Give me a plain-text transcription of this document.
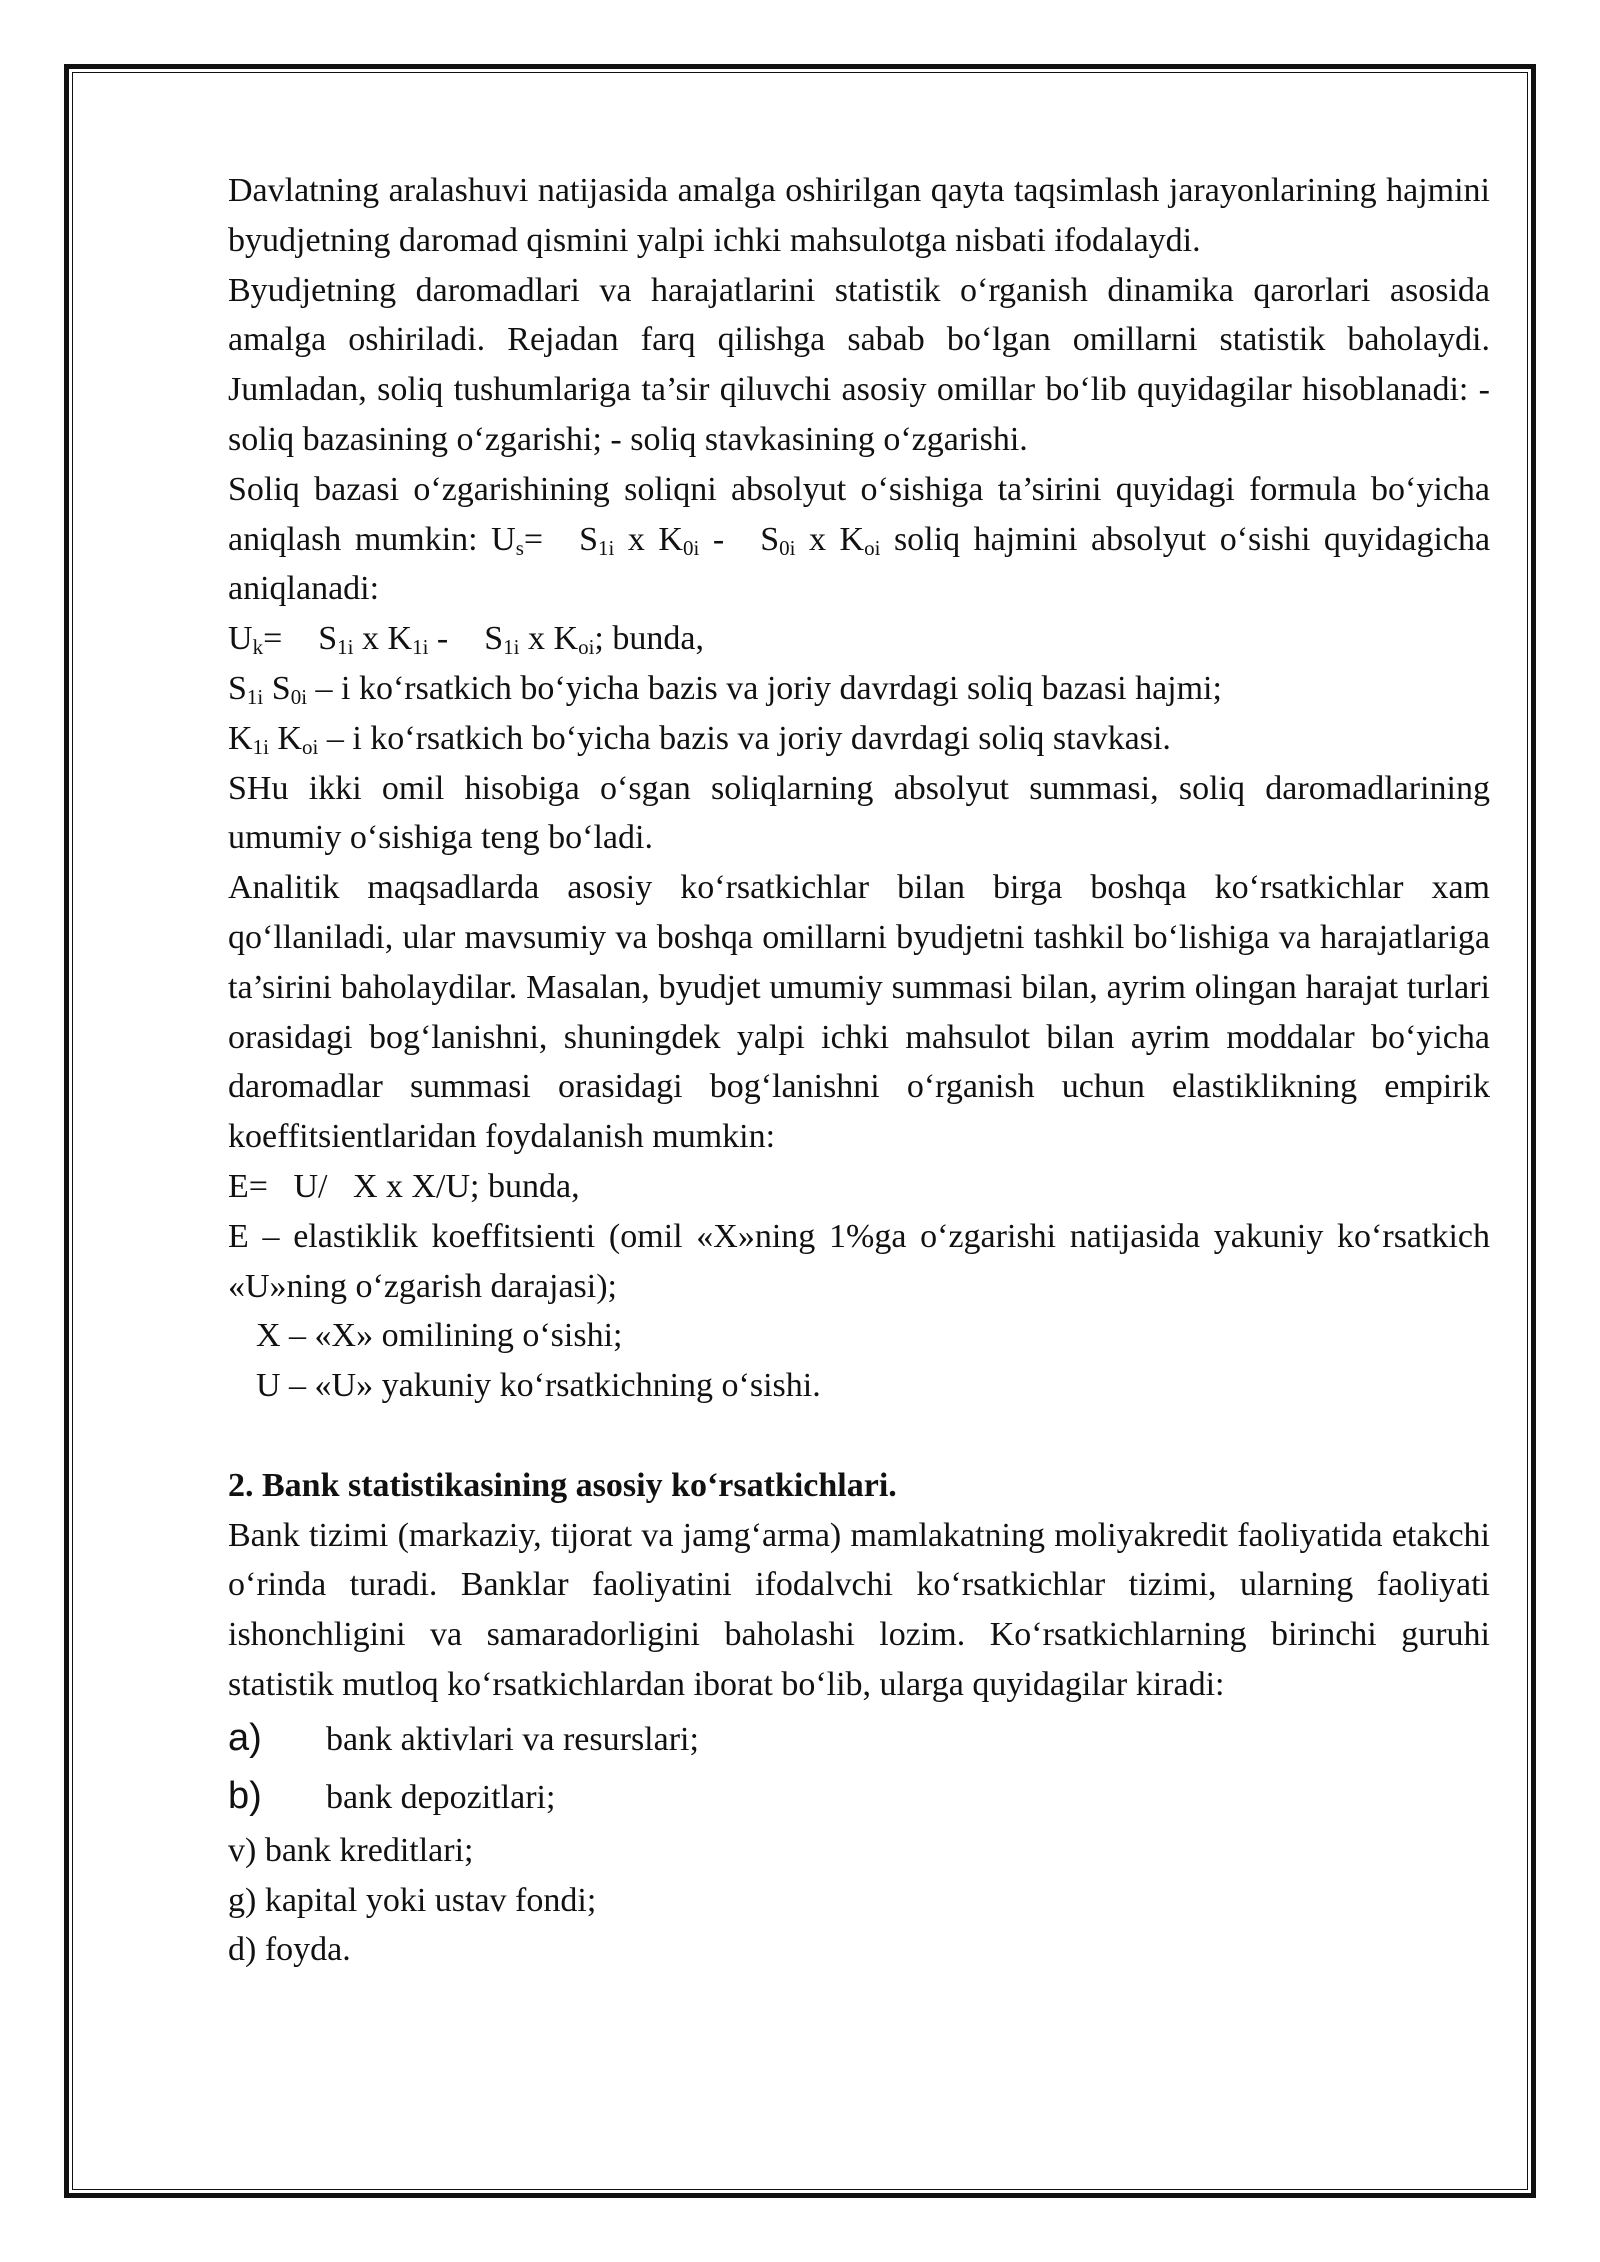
Davlatning aralashuvi natijasida amalga oshirilgan qayta taqsimlash jarayonlarining hajmini byudjetning daromad qismini yalpi ichki mahsulotga nisbati ifodalaydi.

Byudjetning daromadlari va harajatlarini statistik o‘rganish dinamika qarorlari asosida amalga oshiriladi. Rejadan farq qilishga sabab bo‘lgan omillarni statistik baholaydi. Jumladan, soliq tushumlariga ta’sir qiluvchi asosiy omillar bo‘lib quyidagilar hisoblanadi: - soliq bazasining o‘zgarishi; - soliq stavkasining o‘zgarishi.

Soliq bazasi o‘zgarishining soliqni absolyut o‘sishiga ta’sirini quyidagi formula bo‘yicha aniqlash mumkin: $U_s= S_{1i}$ x $K_{0i} - S_{0i}$ x $K_{oi}$ soliq hajmini absolyut o‘sishi quyidagicha aniqlanadi:

$U_k= S_{1i}$ x $K_{1i} - S_{1i}$ x $K_{oi}$; bunda,

$S_{1i}$ $S_{0i}$ – i ko‘rsatkich bo‘yicha bazis va joriy davrdagi soliq bazasi hajmi;

$K_{1i}$ $K_{oi}$ – i ko‘rsatkich bo‘yicha bazis va joriy davrdagi soliq stavkasi.

SHu ikki omil hisobiga o‘sgan soliqlarning absolyut summasi, soliq daromadlarining umumiy o‘sishiga teng bo‘ladi.

Analitik maqsadlarda asosiy ko‘rsatkichlar bilan birga boshqa ko‘rsatkichlar xam qo‘llaniladi, ular mavsumiy va boshqa omillarni byudjetni tashkil bo‘lishiga va harajatlariga ta’sirini baholaydilar. Masalan, byudjet umumiy summasi bilan, ayrim olingan harajat turlari orasidagi bog‘lanishni, shuningdek yalpi ichki mahsulot bilan ayrim moddalar bo‘yicha daromadlar summasi orasidagi bog‘lanishni o‘rganish uchun elastiklikning empirik koeffitsientlaridan foydalanish mumkin:

E=   U/   X x X/U; bunda,

E – elastiklik koeffitsienti (omil «X»ning 1%ga o‘zgarishi natijasida yakuniy ko‘rsatkich «U»ning o‘zgarish darajasi);

X – «X» omilining o‘sishi;

U – «U» yakuniy ko‘rsatkichning o‘sishi.

2. Bank statistikasining asosiy ko‘rsatkichlari.

Bank tizimi (markaziy, tijorat va jamg‘arma) mamlakatning moliyakredit faoliyatida etakchi o‘rinda turadi. Banklar faoliyatini ifodalvchi ko‘rsatkichlar tizimi, ularning faoliyati ishonchligini va samaradorligini baholashi lozim. Ko‘rsatkichlarning birinchi guruhi statistik mutloq ko‘rsatkichlardan iborat bo‘lib, ularga quyidagilar kiradi:

a)	bank aktivlari va resurslari;
b)	bank depozitlari;

v) bank kreditlari;

g) kapital yoki ustav fondi;

d) foyda.
